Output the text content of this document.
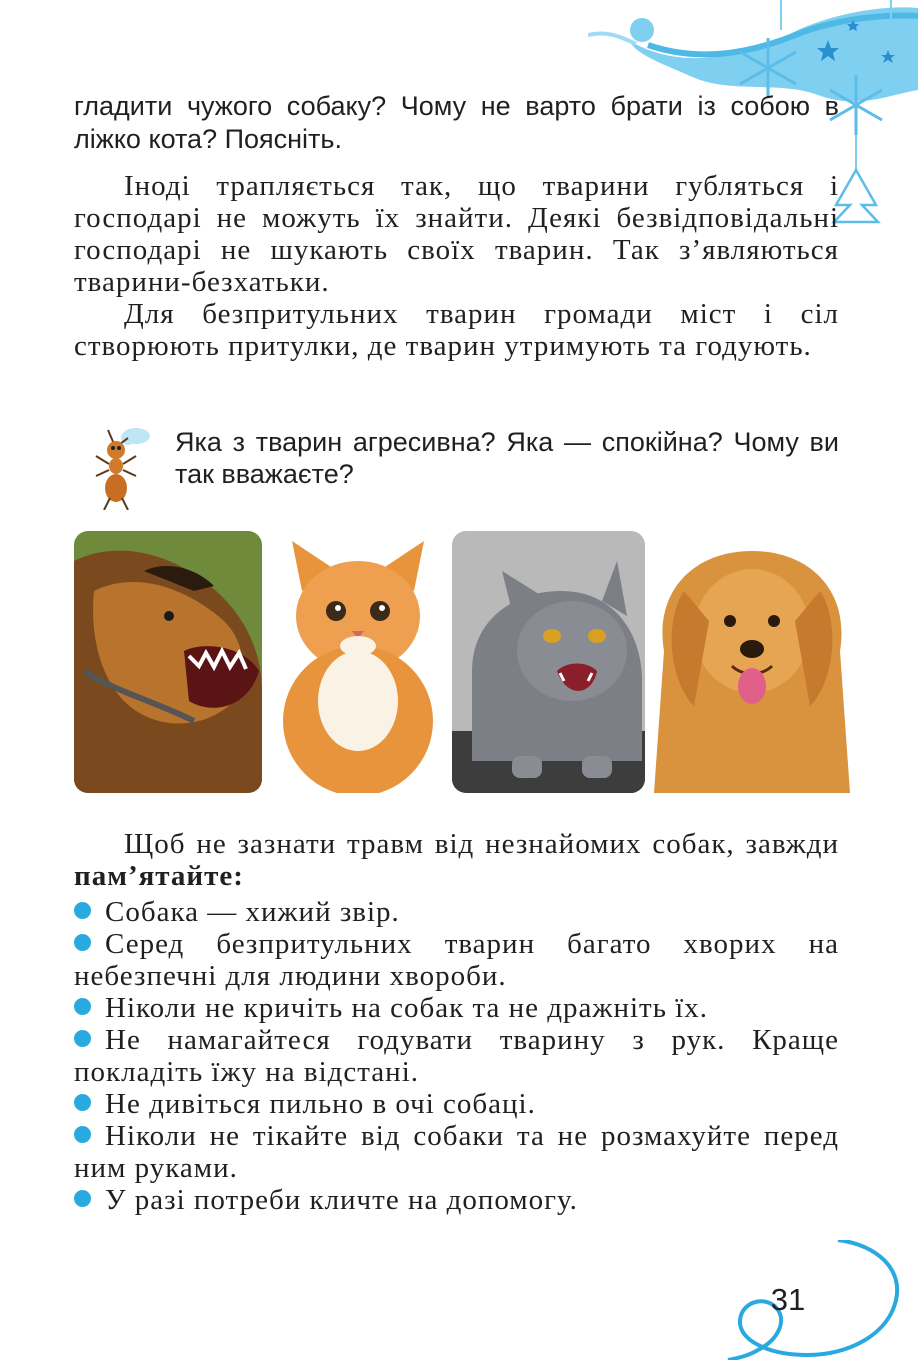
гладити чужого собаку? Чому не варто брати із собою в ліжко кота? Поясніть.

Іноді трапляється так, що тварини губляться і господарі не можуть їх знайти. Деякі безвідповідальні господарі не шукають своїх тварин. Так з’являються тварини-безхатьки.

Для безпритульних тварин громади міст і сіл створюють притулки, де тварин утримують та годують.

Яка з тварин агресивна? Яка — спокійна? Чому ви так вважаєте?

Щоб не зазнати травм від незнайомих собак, завжди пам’ятайте:

Собака — хижий звір.
Серед безпритульних тварин багато хворих на небезпечні для людини хвороби.
Ніколи не кричіть на собак та не дражніть їх.
Не намагайтеся годувати тварину з рук. Краще покладіть їжу на відстані.
Не дивіться пильно в очі собаці.
Ніколи не тікайте від собаки та не розмахуйте перед ним руками.
У разі потреби кличте на допомогу.
31
